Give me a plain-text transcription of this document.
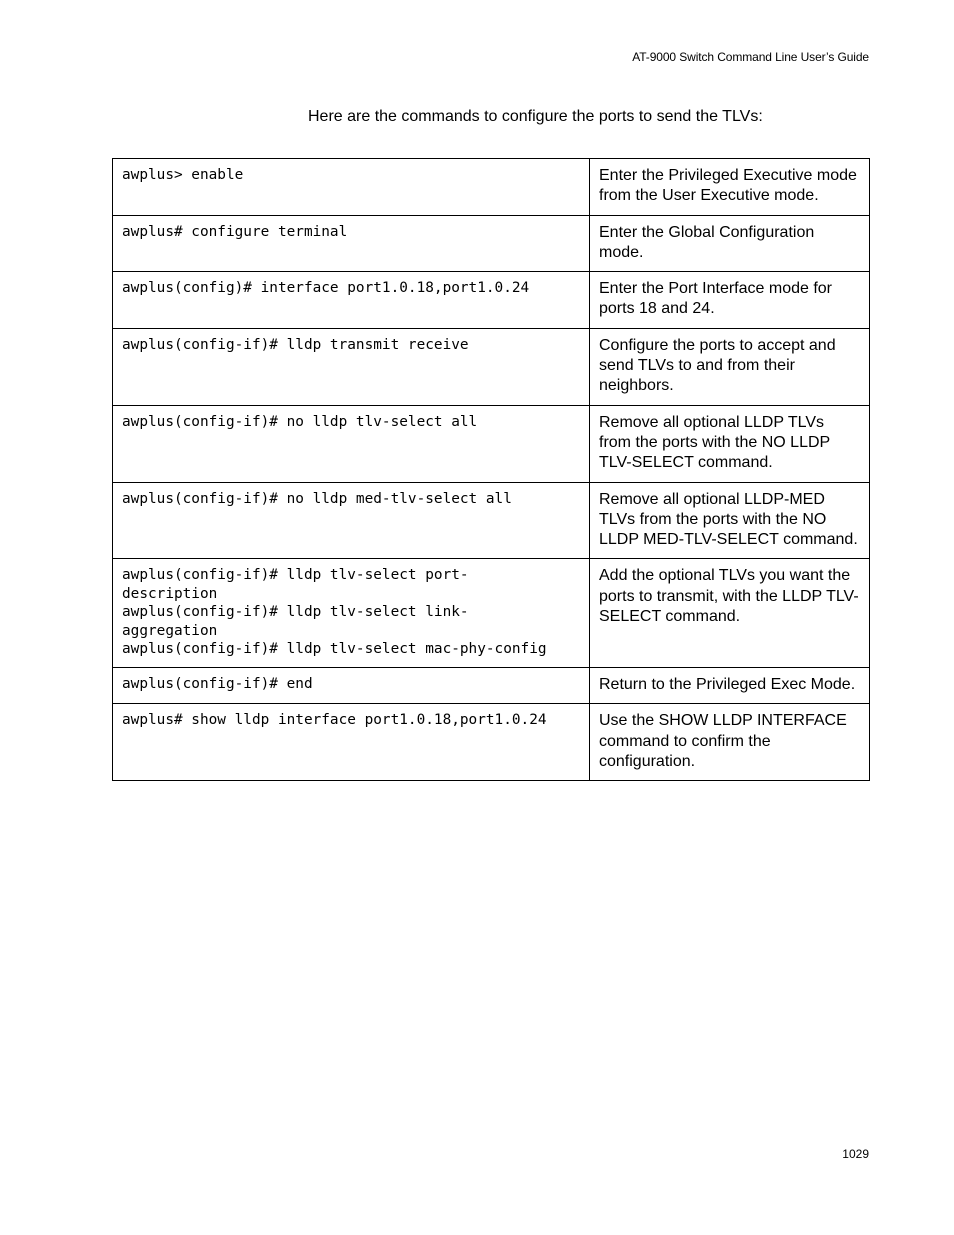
AT-9000 Switch Command Line User’s Guide
Here are the commands to configure the ports to send the TLVs:
awplus> enable	Enter the Privileged Executive mode from the User Executive mode.

awplus# configure terminal	Enter the Global Configuration mode.

awplus(config)# interface port1.0.18,port1.0.24	Enter the Port Interface mode for ports 18 and 24.

awplus(config-if)# lldp transmit receive	Configure the ports to accept and send TLVs to and from their neighbors.

awplus(config-if)# no lldp tlv-select all	Remove all optional LLDP TLVs from the ports with the NO LLDP TLV-SELECT command.

awplus(config-if)# no lldp med-tlv-select all	Remove all optional LLDP-MED TLVs from the ports with the NO LLDP MED-TLV-SELECT command.

awplus(config-if)# lldp tlv-select port-
description
awplus(config-if)# lldp tlv-select link-
aggregation
awplus(config-if)# lldp tlv-select mac-phy-config	Add the optional TLVs you want the ports to transmit, with the LLDP TLV-SELECT command.

awplus(config-if)# end	Return to the Privileged Exec Mode.

awplus# show lldp interface port1.0.18,port1.0.24	Use the SHOW LLDP INTERFACE command to confirm the configuration.
1029
